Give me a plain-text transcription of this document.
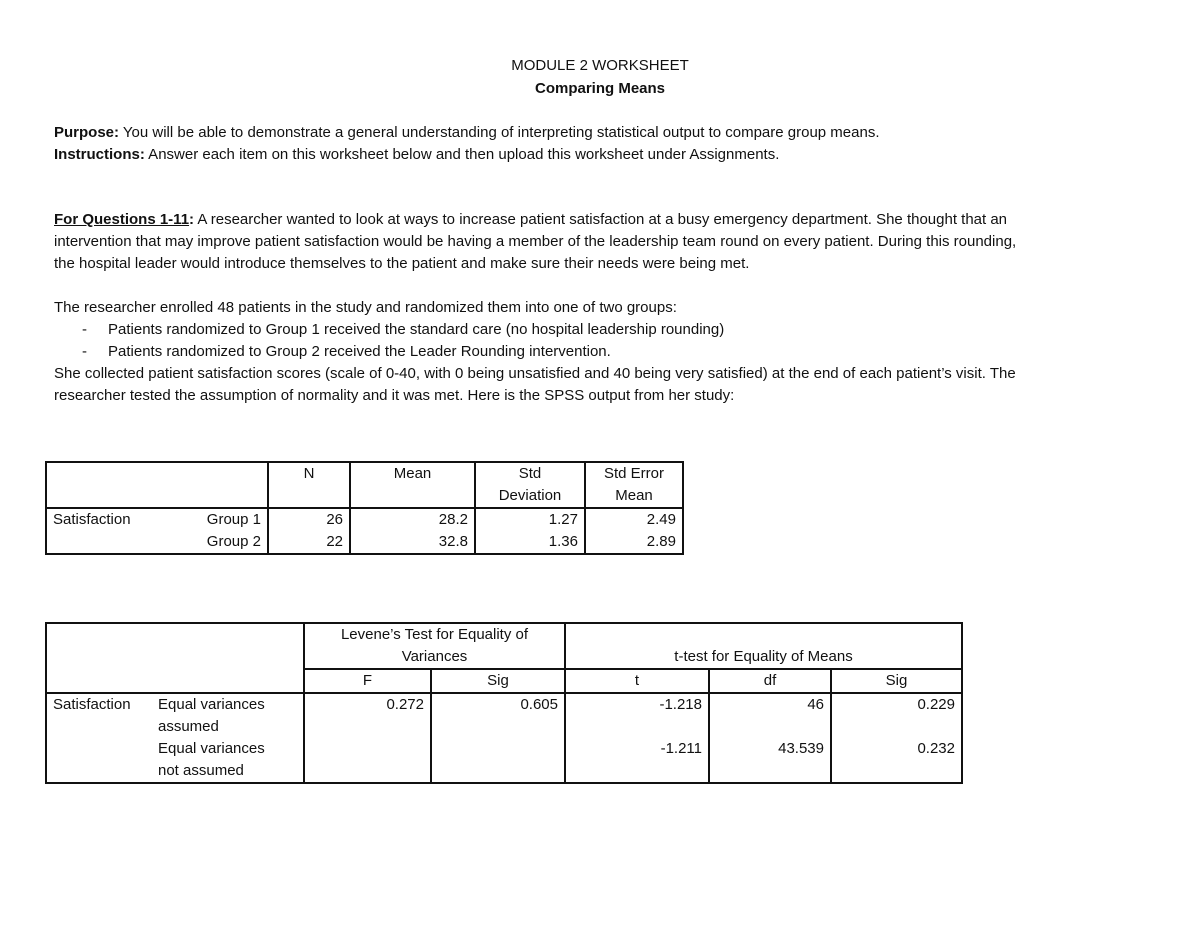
MODULE 2 WORKSHEET
Comparing Means
Purpose: You will be able to demonstrate a general understanding of interpreting statistical output to compare group means.
Instructions: Answer each item on this worksheet below and then upload this worksheet under Assignments.
For Questions 1-11: A researcher wanted to look at ways to increase patient satisfaction at a busy emergency department. She thought that an
intervention that may improve patient satisfaction would be having a member of the leadership team round on every patient. During this rounding,
the hospital leader would introduce themselves to the patient and make sure their needs were being met.
The researcher enrolled 48 patients in the study and randomized them into one of two groups:
- Patients randomized to Group 1 received the standard care (no hospital leadership rounding)
- Patients randomized to Group 2 received the Leader Rounding intervention.
She collected patient satisfaction scores (scale of 0-40, with 0 being unsatisfied and 40 being very satisfied) at the end of each patient’s visit. The
researcher tested the assumption of normality and it was met. Here is the SPSS output from her study:
		N	Mean	Std	Std Error
				Deviation	Mean
Satisfaction	Group 1	26	28.2	1.27	2.49
	Group 2	22	32.8	1.36	2.89
		Levene’s Test for Equality of				
		Variances		t-test for Equality of Means		
		F	Sig	t	df	Sig
Satisfaction	Equal variances	0.272	0.605	-1.218	46	0.229
	assumed					
	Equal variances			-1.211	43.539	0.232
	not assumed					
